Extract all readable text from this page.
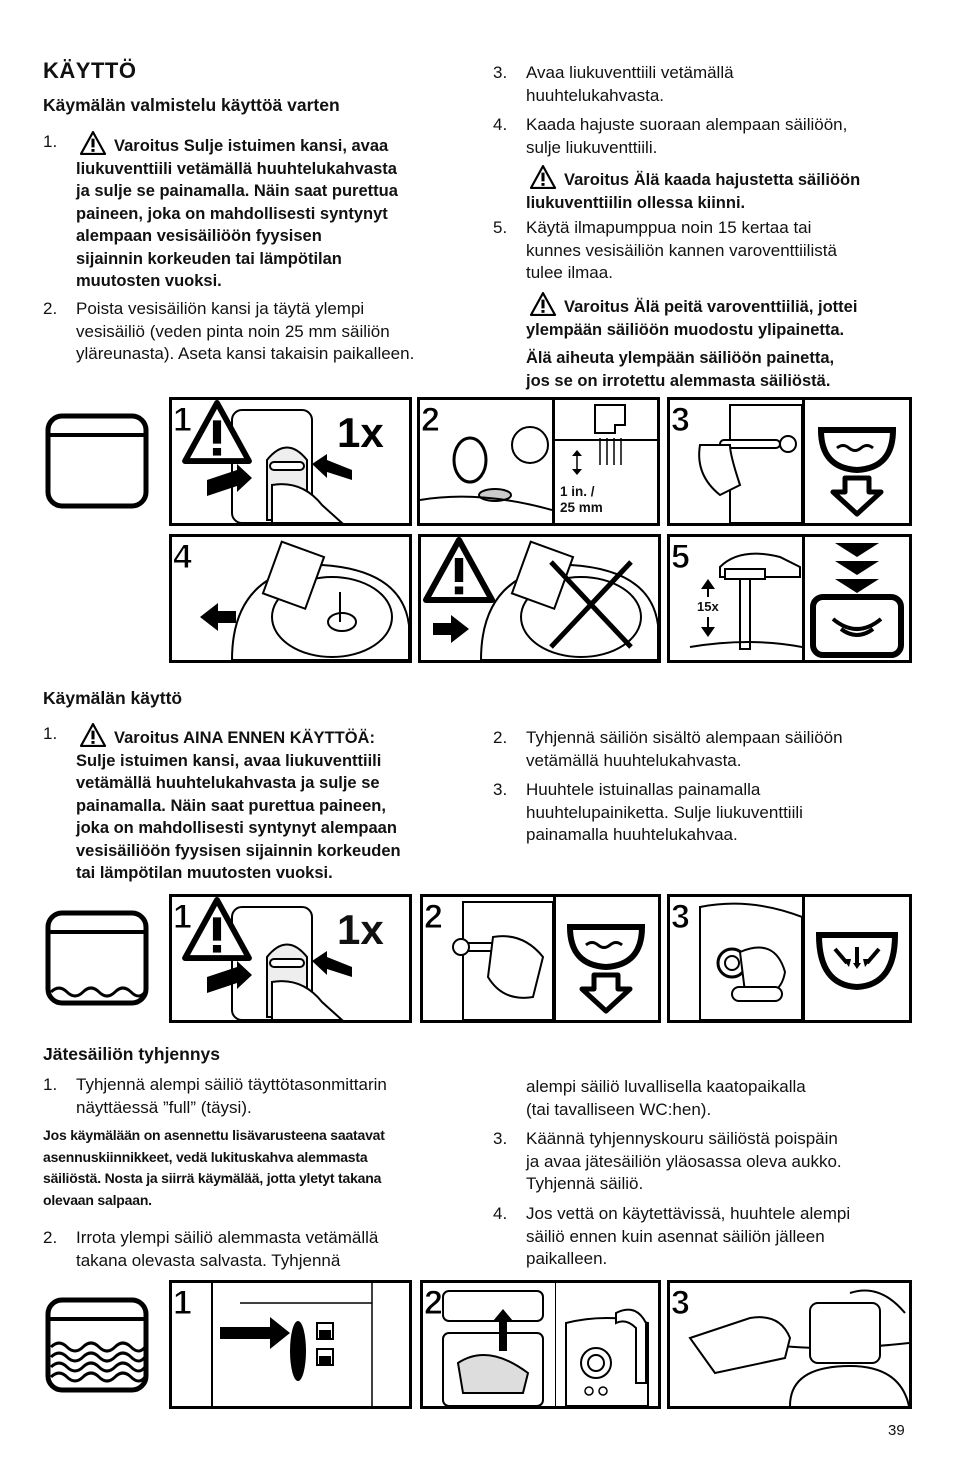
KÄYTTÖ
Käymälän valmistelu käyttöä varten
1.	Varoitus Sulje istuimen kansi, avaa
liukuventtiili vetämällä huuhtelukahvasta
ja sulje se painamalla. Näin saat purettua
paineen, joka on mahdollisesti syntynyt
alempaan vesisäiliöön fyysisen
sijainnin korkeuden tai lämpötilan
muutosten vuoksi.
2. Poista vesisäiliön kansi ja täytä ylempi
vesisäiliö (veden pinta noin 25 mm säiliön
yläreunasta). Aseta kansi takaisin paikalleen.
3. Avaa liukuventtiili vetämällä
huuhtelukahvasta.
4. Kaada hajuste suoraan alempaan säiliöön,
sulje liukuventtiili.
Varoitus Älä kaada hajustetta säiliöön
liukuventtiilin ollessa kiinni.
5. Käytä ilmapumppua noin 15 kertaa tai
kunnes vesisäiliön kannen varoventtiilistä
tulee ilmaa.
Varoitus Älä peitä varoventtiiliä, jottei
ylempään säiliöön muodostu ylipainetta.
Älä aiheuta ylempään säiliöön painetta,
jos se on irrotettu alemmasta säiliöstä.
1	1x
1 in. /
25 mm
2	3
4
15x
5
Käymälän käyttö
1.	Varoitus AINA ENNEN KÄYTTÖÄ:
Sulje istuimen kansi, avaa liukuventtiili
vetämällä huuhtelukahvasta ja sulje se
painamalla. Näin saat purettua paineen,
joka on mahdollisesti syntynyt alempaan
vesisäiliöön fyysisen sijainnin korkeuden
tai lämpötilan muutosten vuoksi.
2. Tyhjennä säiliön sisältö alempaan säiliöön
vetämällä huuhtelukahvasta.
3. Huuhtele istuinallas painamalla
huuhtelupainiketta. Sulje liukuventtiili
painamalla huuhtelukahvaa.
1	1x 2	3
Jätesäiliön tyhjennys
1. Tyhjennä alempi säiliö täyttötasonmittarin
näyttäessä ”full” (täysi).
Jos käymälään on asennettu lisävarusteena saatavat
asennuskiinnikkeet, vedä lukituskahva alemmasta
säiliöstä. Nosta ja siirrä käymälää, jotta yletyt takana
olevaan salpaan.
2. Irrota ylempi säiliö alemmasta vetämällä
takana olevasta salvasta. Tyhjennä
alempi säiliö luvallisella kaatopaikalla
(tai tavalliseen WC:hen).
3. Käännä tyhjennyskouru säiliöstä poispäin
ja avaa jätesäiliön yläosassa oleva aukko.
Tyhjennä säiliö.
4. Jos vettä on käytettävissä, huuhtele alempi
säiliö ennen kuin asennat säiliön jälleen
paikalleen.
1	2	3
39
